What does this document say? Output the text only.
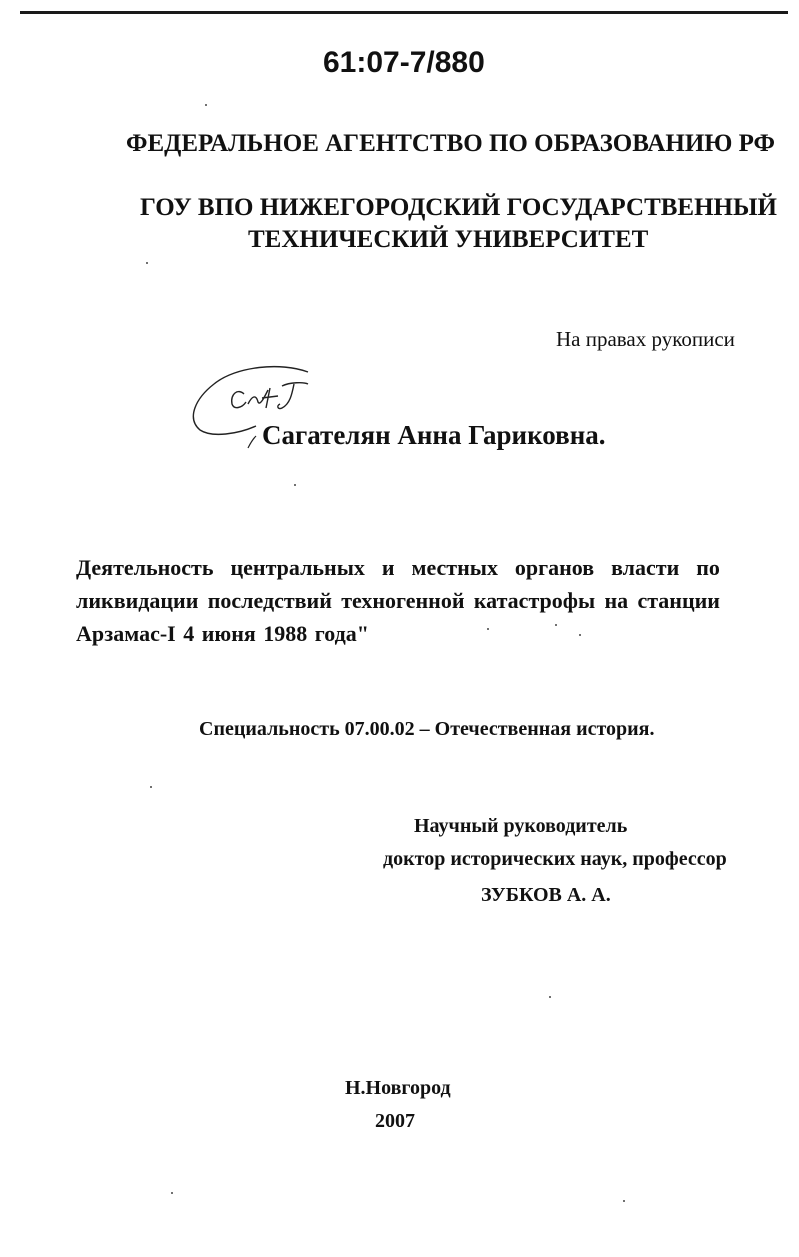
61:07-7/880
ФЕДЕРАЛЬНОЕ АГЕНТСТВО ПО ОБРАЗОВАНИЮ РФ
ГОУ ВПО НИЖЕГОРОДСКИЙ ГОСУДАРСТВЕННЫЙ
ТЕХНИЧЕСКИЙ УНИВЕРСИТЕТ
На правах рукописи
Сагателян Анна Гариковна.
Деятельность центральных и местных органов власти по
ликвидации последствий техногенной катастрофы на станции
Арзамас-I 4 июня 1988 года"
Специальность 07.00.02 – Отечественная история.
Научный руководитель
доктор исторических наук, профессор
ЗУБКОВ А. А.
Н.Новгород
2007
